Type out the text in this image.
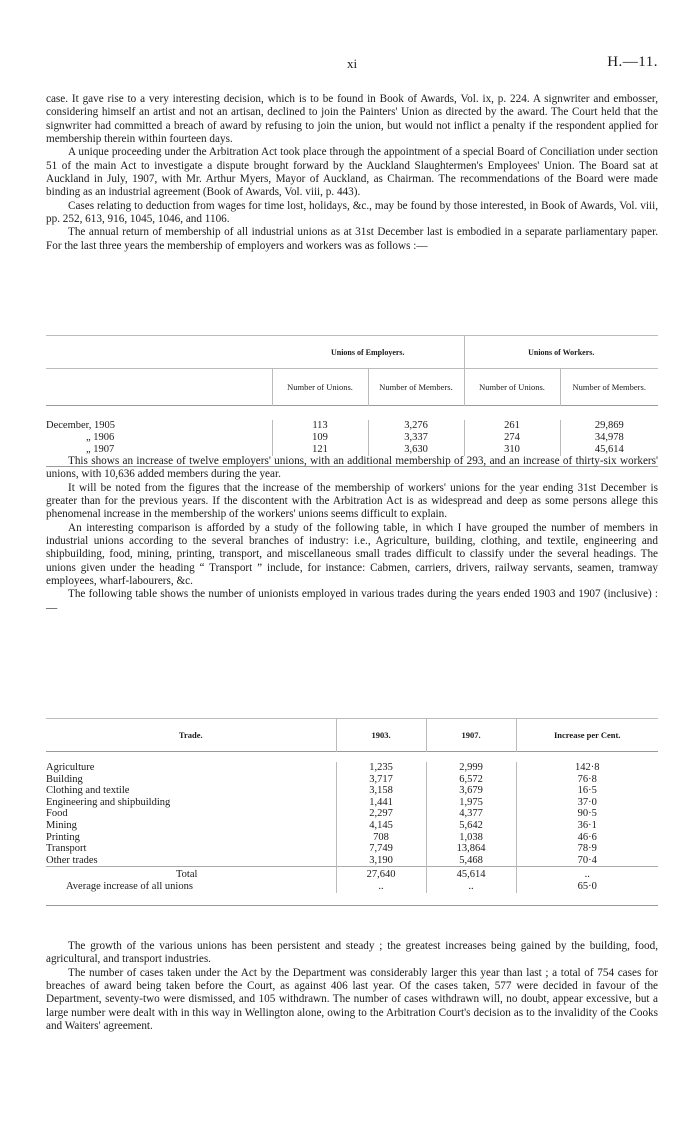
xi	H.—11.

case. It gave rise to a very interesting decision, which is to be found in Book of Awards, Vol. ix, p. 224. A signwriter and embosser, considering himself an artist and not an artisan, declined to join the Painters' Union as directed by the award. The Court held that the signwriter had committed a breach of award by refusing to join the union, but would not inflict a penalty if the respondent applied for membership therein within fourteen days.

A unique proceeding under the Arbitration Act took place through the appointment of a special Board of Conciliation under section 51 of the main Act to investigate a dispute brought forward by the Auckland Slaughtermen's Employees' Union. The Board sat at Auckland in July, 1907, with Mr. Arthur Myers, Mayor of Auckland, as Chairman. The recommendations of the Board were made binding as an industrial agreement (Book of Awards, Vol. viii, p. 443).

Cases relating to deduction from wages for time lost, holidays, &c., may be found by those interested, in Book of Awards, Vol. viii, pp. 252, 613, 916, 1045, 1046, and 1106.

The annual return of membership of all industrial unions as at 31st December last is embodied in a separate parliamentary paper. For the last three years the membership of employers and workers was as follows :—

	Unions of Employers.		Unions of Workers.	
	Number of Unions.	Number of Members.	Number of Unions.	Number of Members.

December, 1905	113	3,276	261	29,869
„ 1906	109	3,337	274	34,978
„ 1907	121	3,630	310	45,614

This shows an increase of twelve employers' unions, with an additional membership of 293, and an increase of thirty-six workers' unions, with 10,636 added members during the year.

It will be noted from the figures that the increase of the membership of workers' unions for the year ending 31st December is greater than for the previous years. If the discontent with the Arbitration Act is as widespread and deep as some persons allege this phenomenal increase in the membership of the workers' unions seems difficult to explain.

An interesting comparison is afforded by a study of the following table, in which I have grouped the number of members in industrial unions according to the several branches of industry: i.e., Agriculture, building, clothing, and textile, engineering and shipbuilding, food, mining, printing, transport, and miscellaneous small trades difficult to classify under the several headings. The unions given under the heading “ Transport ” include, for instance: Cabmen, carriers, drivers, railway servants, seamen, tramway employees, wharf-labourers, &c.

The following table shows the number of unionists employed in various trades during the years ended 1903 and 1907 (inclusive) :—

Trade.	1903.	1907.	Increase per Cent.

Agriculture	1,235	2,999	142·8
Building	3,717	6,572	76·8
Clothing and textile	3,158	3,679	16·5
Engineering and shipbuilding	1,441	1,975	37·0
Food	2,297	4,377	90·5
Mining	4,145	5,642	36·1
Printing	708	1,038	46·6
Transport	7,749	13,864	78·9
Other trades	3,190	5,468	70·4
Total	27,640	45,614	..
Average increase of all unions	..	..	65·0

The growth of the various unions has been persistent and steady ; the greatest increases being gained by the building, food, agricultural, and transport industries.

The number of cases taken under the Act by the Department was considerably larger this year than last ; a total of 754 cases for breaches of award being taken before the Court, as against 406 last year. Of the cases taken, 577 were decided in favour of the Department, seventy-two were dismissed, and 105 withdrawn. The number of cases withdrawn will, no doubt, appear excessive, but a large number were dealt with in this way in Wellington alone, owing to the Arbitration Court's decision as to the invalidity of the Cooks and Waiters' agreement.
